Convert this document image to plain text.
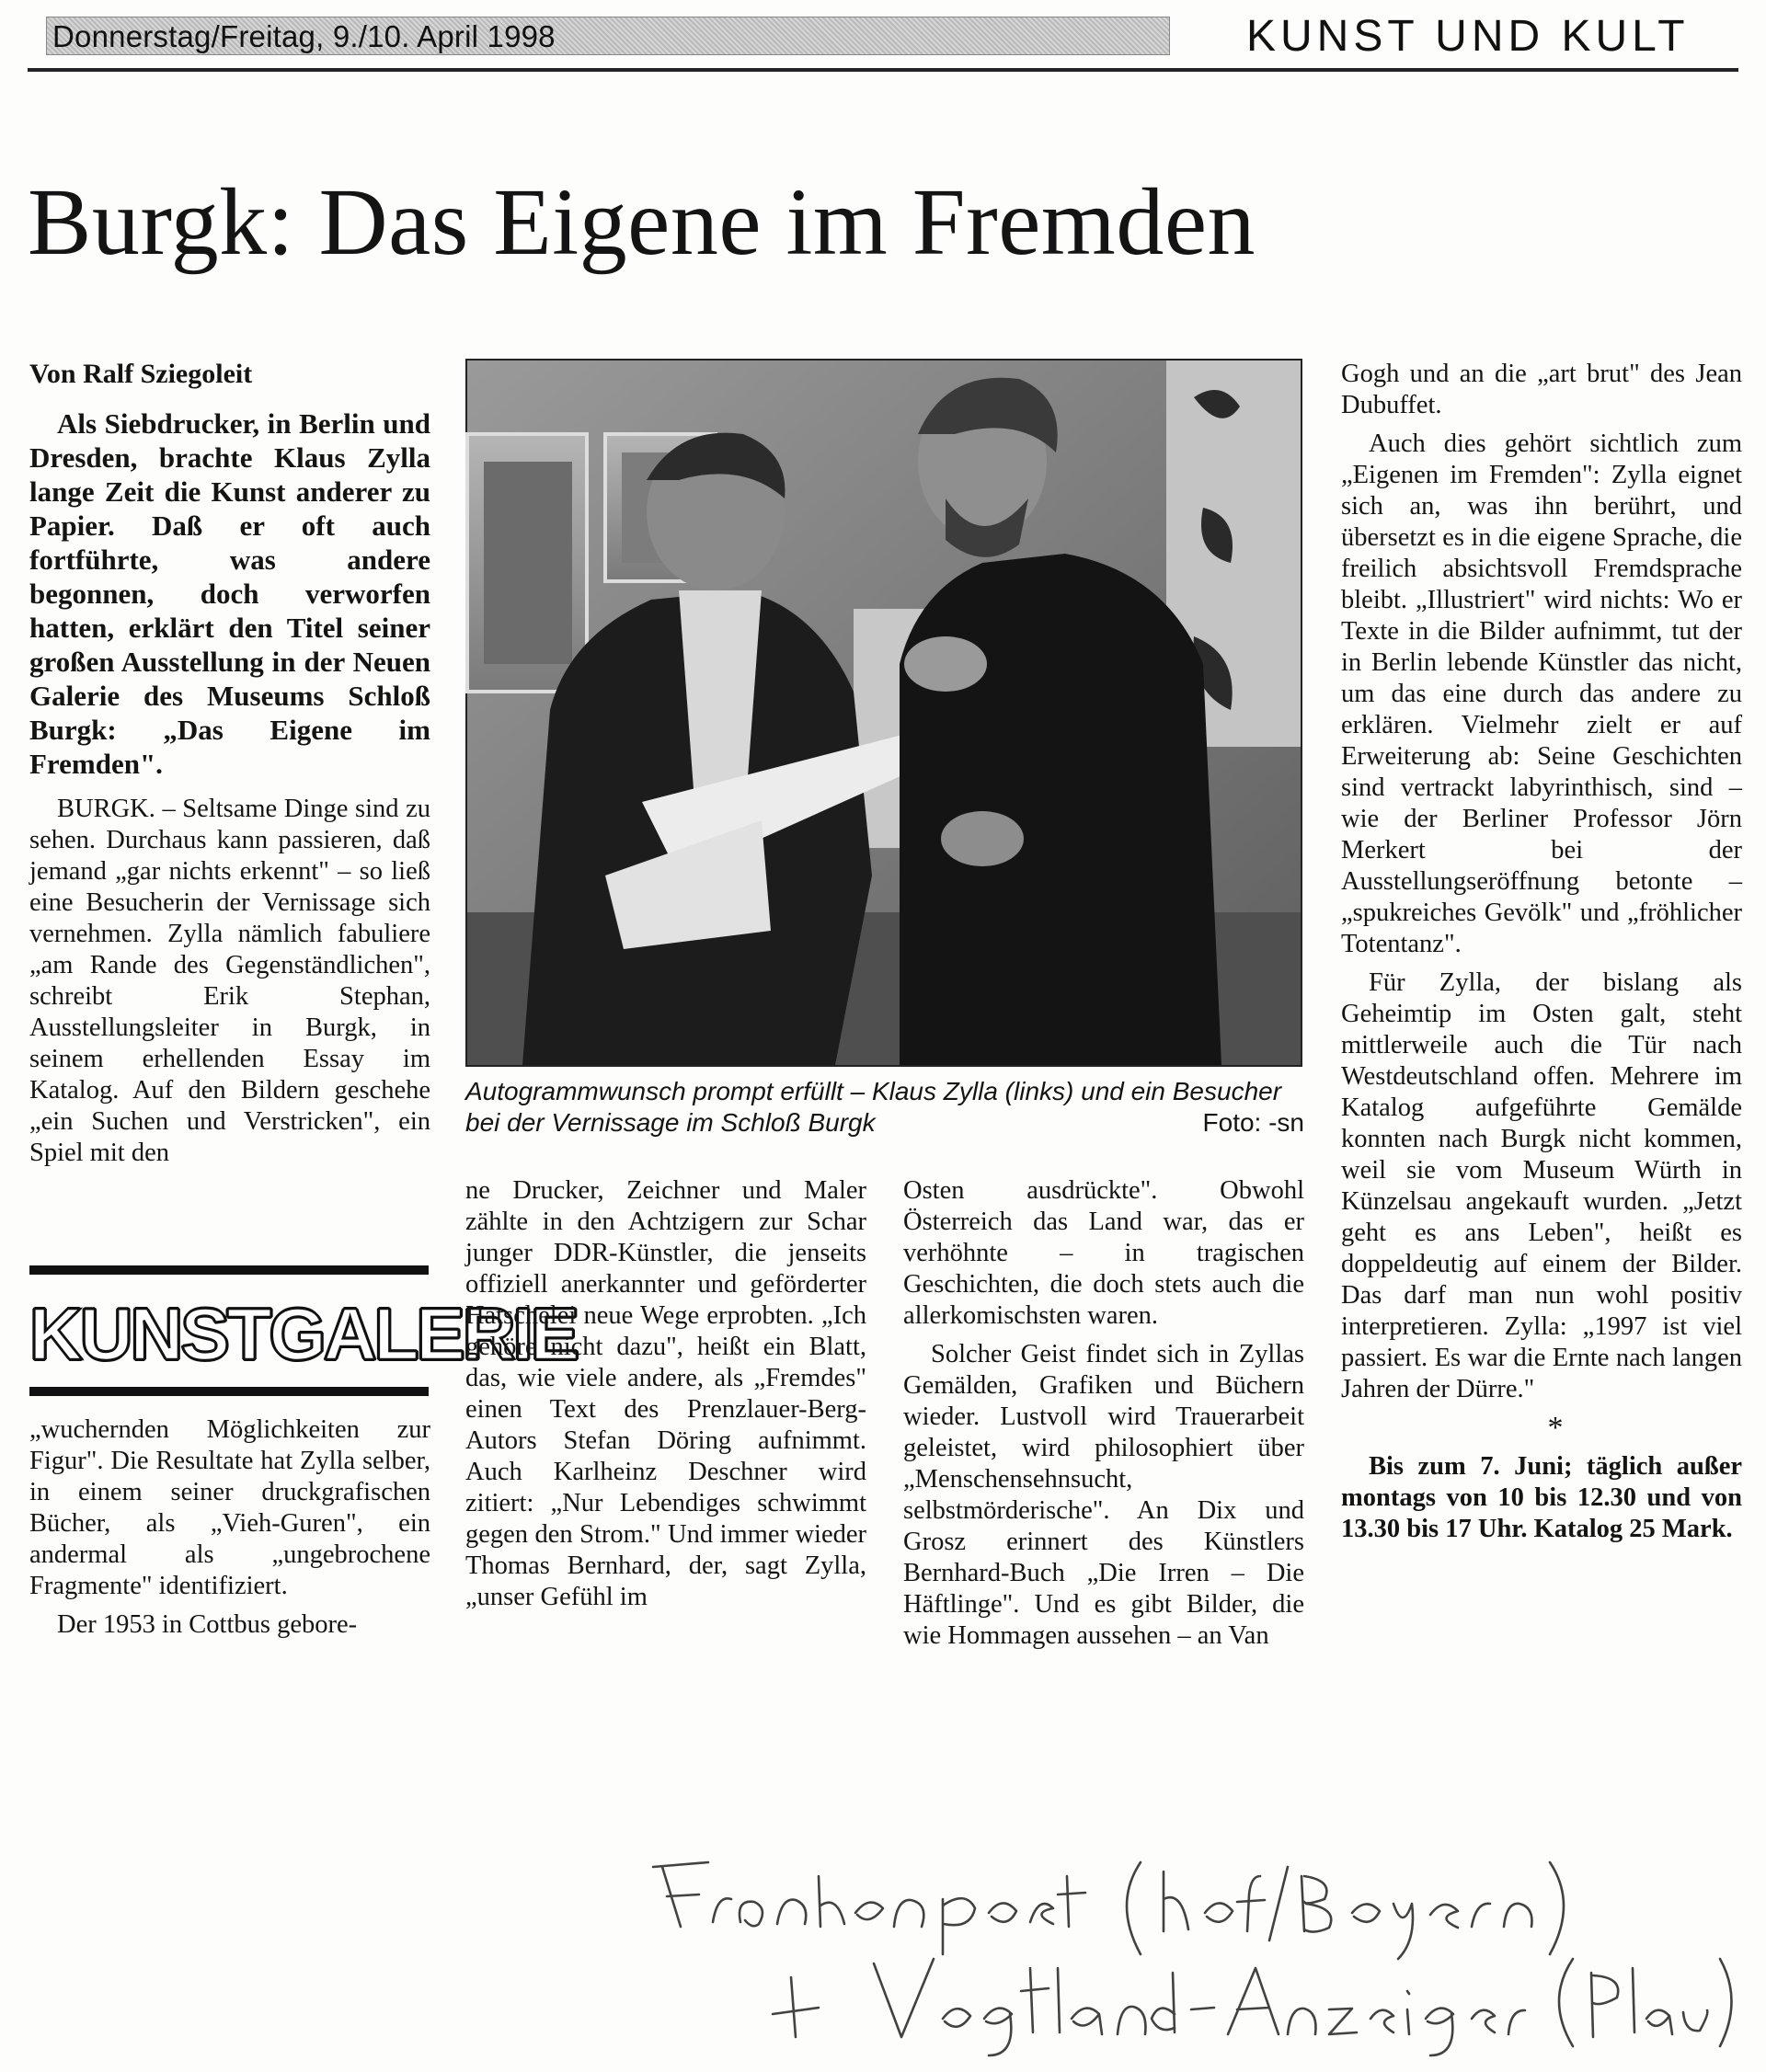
Donnerstag/Freitag, 9./10. April 1998	KUNST UND KULT
Burgk: Das Eigene im Fremden
Von Ralf Sziegoleit

Als Siebdrucker, in Berlin und Dresden, brachte Klaus Zylla lange Zeit die Kunst anderer zu Papier. Daß er oft auch fortführte, was andere begonnen, doch verworfen hatten, erklärt den Titel seiner großen Ausstellung in der Neuen Galerie des Museums Schloß Burgk: „Das Eigene im Fremden".

BURGK. – Seltsame Dinge sind zu sehen. Durchaus kann passieren, daß jemand „gar nichts erkennt" – so ließ eine Besucherin der Vernissage sich vernehmen. Zylla nämlich fabuliere „am Rande des Gegenständlichen", schreibt Erik Stephan, Ausstellungsleiter in Burgk, in seinem erhellenden Essay im Katalog. Auf den Bildern geschehe „ein Suchen und Verstricken", ein Spiel mit den

KUNSTGALERIE

„wuchernden Möglichkeiten zur Figur". Die Resultate hat Zylla selber, in einem seiner druckgrafischen Bücher, als „Vieh-Guren", ein andermal als „ungebrochene Fragmente" identifiziert.

Der 1953 in Cottbus gebore-

Autogrammwunsch prompt erfüllt – Klaus Zylla (links) und ein Besucher bei der Vernissage im Schloß Burgk	Foto: -sn

ne Drucker, Zeichner und Maler zählte in den Achtzigern zur Schar junger DDR-Künstler, die jenseits offiziell anerkannter und geförderter Hätschelei neue Wege erprobten. „Ich gehöre nicht dazu", heißt ein Blatt, das, wie viele andere, als „Fremdes" einen Text des Prenzlauer-Berg-Autors Stefan Döring aufnimmt. Auch Karlheinz Deschner wird zitiert: „Nur Lebendiges schwimmt gegen den Strom." Und immer wieder Thomas Bernhard, der, sagt Zylla, „unser Gefühl im

Osten ausdrückte". Obwohl Österreich das Land war, das er verhöhnte – in tragischen Geschichten, die doch stets auch die allerkomischsten waren.

Solcher Geist findet sich in Zyllas Gemälden, Grafiken und Büchern wieder. Lustvoll wird Trauerarbeit geleistet, wird philosophiert über „Menschensehnsucht, selbstmörderische". An Dix und Grosz erinnert des Künstlers Bernhard-Buch „Die Irren – Die Häftlinge". Und es gibt Bilder, die wie Hommagen aussehen – an Van

Gogh und an die „art brut" des Jean Dubuffet.

Auch dies gehört sichtlich zum „Eigenen im Fremden": Zylla eignet sich an, was ihn berührt, und übersetzt es in die eigene Sprache, die freilich absichtsvoll Fremdsprache bleibt. „Illustriert" wird nichts: Wo er Texte in die Bilder aufnimmt, tut der in Berlin lebende Künstler das nicht, um das eine durch das andere zu erklären. Vielmehr zielt er auf Erweiterung ab: Seine Geschichten sind vertrackt labyrinthisch, sind – wie der Berliner Professor Jörn Merkert bei der Ausstellungseröffnung betonte – „spukreiches Gevölk" und „fröhlicher Totentanz".

Für Zylla, der bislang als Geheimtip im Osten galt, steht mittlerweile auch die Tür nach Westdeutschland offen. Mehrere im Katalog aufgeführte Gemälde konnten nach Burgk nicht kommen, weil sie vom Museum Würth in Künzelsau angekauft wurden. „Jetzt geht es ans Leben", heißt es doppeldeutig auf einem der Bilder. Das darf man nun wohl positiv interpretieren. Zylla: „1997 ist viel passiert. Es war die Ernte nach langen Jahren der Dürre."

*

Bis zum 7. Juni; täglich außer montags von 10 bis 12.30 und von 13.30 bis 17 Uhr. Katalog 25 Mark.
